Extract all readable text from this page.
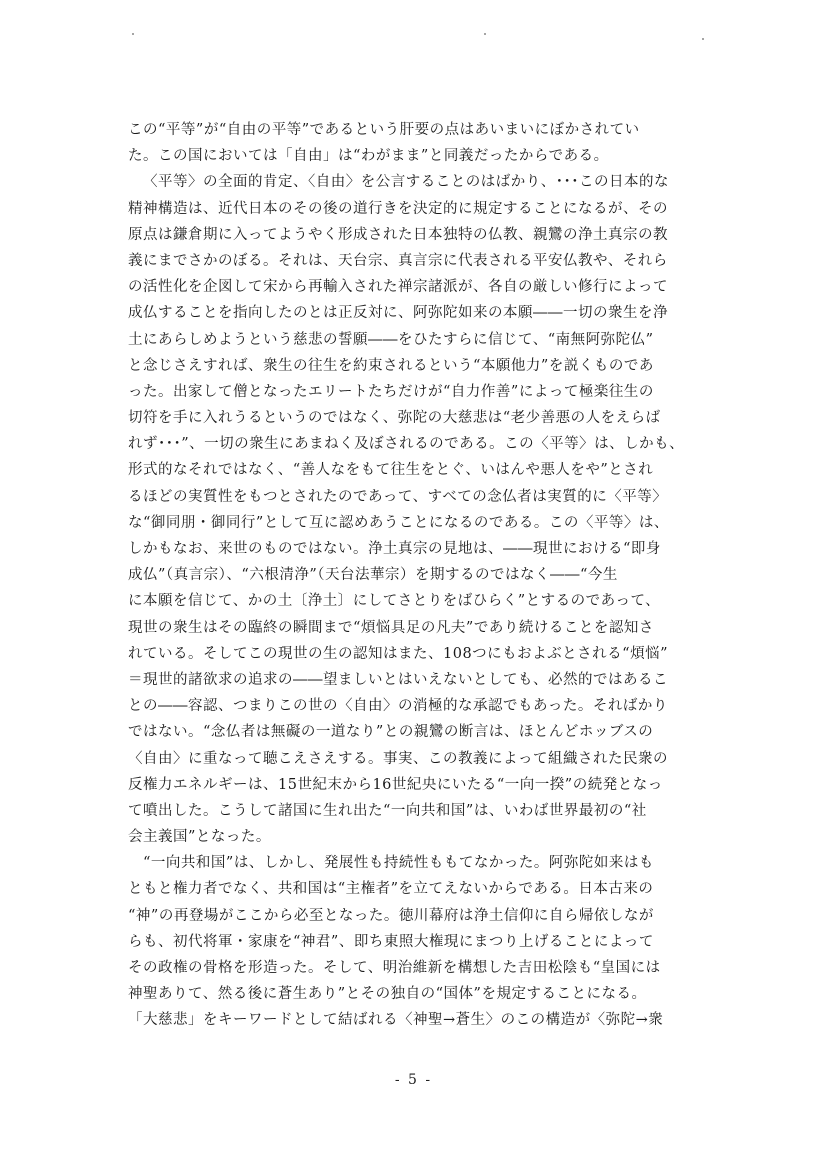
この“平等”が“自由の平等”であるという肝要の点はあいまいにぼかされてい
た。この国においては「自由」は“わがまま”と同義だったからである。
〈平等〉の全面的肯定、〈自由〉を公言することのはばかり、･･･この日本的な
精神構造は、近代日本のその後の道行きを決定的に規定することになるが、その
原点は鎌倉期に入ってようやく形成された日本独特の仏教、親鸞の浄土真宗の教
義にまでさかのぼる。それは、天台宗、真言宗に代表される平安仏教や、それら
の活性化を企図して宋から再輸入された禅宗諸派が、各自の厳しい修行によって
成仏することを指向したのとは正反対に、阿弥陀如来の本願――一切の衆生を浄
土にあらしめようという慈悲の誓願――をひたすらに信じて、“南無阿弥陀仏”
と念じさえすれば、衆生の往生を約束されるという“本願他力”を説くものであ
った。出家して僧となったエリートたちだけが“自力作善”によって極楽往生の
切符を手に入れうるというのではなく、弥陀の大慈悲は“老少善悪の人をえらば
れず･･･”、一切の衆生にあまねく及ぼされるのである。この〈平等〉は、しかも、
形式的なそれではなく、“善人なをもて往生をとぐ、いはんや悪人をや”とされ
るほどの実質性をもつとされたのであって、すべての念仏者は実質的に〈平等〉
な“御同朋・御同行”として互に認めあうことになるのである。この〈平等〉は、
しかもなお、来世のものではない。浄土真宗の見地は、――現世における“即身
成仏”（真言宗）、“六根清浄”（天台法華宗）を期するのではなく――“今生
に本願を信じて、かの土〔浄土〕にしてさとりをばひらく”とするのであって、
現世の衆生はその臨終の瞬間まで“煩悩具足の凡夫”であり続けることを認知さ
れている。そしてこの現世の生の認知はまた、108つにもおよぶとされる“煩悩”
＝現世的諸欲求の追求の――望ましいとはいえないとしても、必然的ではあるこ
との――容認、つまりこの世の〈自由〉の消極的な承認でもあった。そればかり
ではない。“念仏者は無礙の一道なり”との親鸞の断言は、ほとんどホッブスの
〈自由〉に重なって聴こえさえする。事実、この教義によって組織された民衆の
反権力エネルギーは、15世紀末から16世紀央にいたる“一向一揆”の続発となっ
て噴出した。こうして諸国に生れ出た“一向共和国”は、いわば世界最初の“社
会主義国”となった。
“一向共和国”は、しかし、発展性も持続性ももてなかった。阿弥陀如来はも
ともと権力者でなく、共和国は“主権者”を立てえないからである。日本古来の
“神”の再登場がここから必至となった。徳川幕府は浄土信仰に自ら帰依しなが
らも、初代将軍・家康を“神君”、即ち東照大権現にまつり上げることによって
その政権の骨格を形造った。そして、明治維新を構想した吉田松陰も“皇国には
神聖ありて、然る後に蒼生あり”とその独自の“国体”を規定することになる。
「大慈悲」をキーワードとして結ばれる〈神聖→蒼生〉のこの構造が〈弥陀→衆
- 5 -
